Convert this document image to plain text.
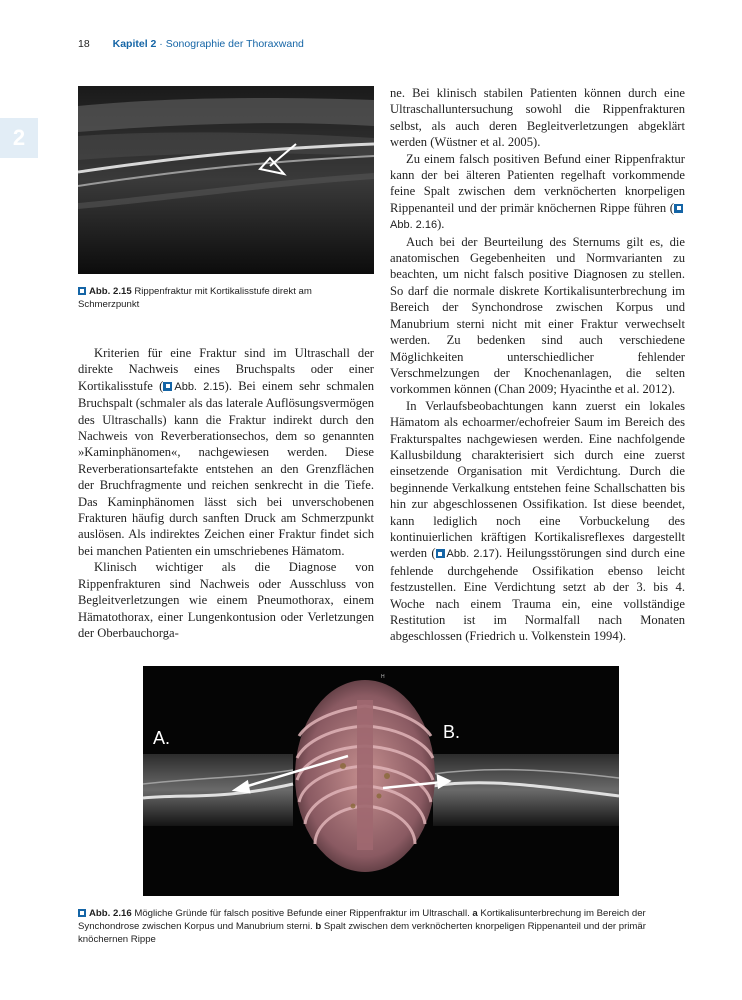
18 Kapitel 2 · Sonographie der Thoraxwand
2
Abb. 2.15 Rippenfraktur mit Kortikalisstufe direkt am Schmerzpunkt

Kriterien für eine Fraktur sind im Ultraschall der direkte Nachweis eines Bruchspalts oder einer Kortikalisstufe ( Abb. 2.15). Bei einem sehr schmalen Bruchspalt (schmaler als das laterale Auflösungsvermögen des Ultraschalls) kann die Fraktur indirekt durch den Nachweis von Reverberationsechos, dem so genannten »Kaminphänomen«, nachgewiesen werden. Diese Reverberationsartefakte entstehen an den Grenzflächen der Bruchfragmente und reichen senkrecht in die Tiefe. Das Kaminphänomen lässt sich bei unverschobenen Frakturen häufig durch sanften Druck am Schmerzpunkt auslösen. Als indirektes Zeichen einer Fraktur findet sich bei manchen Patienten ein umschriebenes Hämatom.

Klinisch wichtiger als die Diagnose von Rippenfrakturen sind Nachweis oder Ausschluss von Begleitverletzungen wie einem Pneumothorax, einem Hämatothorax, einer Lungenkontusion oder Verletzungen der Oberbauchorga-

ne. Bei klinisch stabilen Patienten können durch eine Ultraschalluntersuchung sowohl die Rippenfrakturen selbst, als auch deren Begleitverletzungen abgeklärt werden (Wüstner et al. 2005).

Zu einem falsch positiven Befund einer Rippenfraktur kann der bei älteren Patienten regelhaft vorkommende feine Spalt zwischen dem verknöcherten knorpeligen Rippenanteil und der primär knöchernen Rippe führen (Abb. 2.16).

Auch bei der Beurteilung des Sternums gilt es, die anatomischen Gegebenheiten und Normvarianten zu beachten, um nicht falsch positive Diagnosen zu stellen. So darf die normale diskrete Kortikalisunterbrechung im Bereich der Synchondrose zwischen Korpus und Manubrium sterni nicht mit einer Fraktur verwechselt werden. Zu bedenken sind auch verschiedene Möglichkeiten unterschiedlicher fehlender Verschmelzungen der Knochenanlagen, die selten vorkommen können (Chan 2009; Hyacinthe et al. 2012).

In Verlaufsbeobachtungen kann zuerst ein lokales Hämatom als echoarmer/echofreier Saum im Bereich des Frakturspaltes nachgewiesen werden. Eine nachfolgende Kallusbildung charakterisiert sich durch eine zuerst einsetzende Organisation mit Verdichtung. Durch die beginnende Verkalkung entstehen feine Schallschatten bis hin zur abgeschlossenen Ossifikation. Ist diese beendet, kann lediglich noch eine Vorbuckelung des kontinuierlichen kräftigen Kortikalisreflexes dargestellt werden ( Abb. 2.17). Heilungsstörungen sind durch eine fehlende durchgehende Ossifikation ebenso leicht festzustellen. Eine Verdichtung setzt ab der 3. bis 4. Woche nach einem Trauma ein, eine vollständige Restitution ist im Normalfall nach Monaten abgeschlossen (Friedrich u. Volkenstein 1994).

H
A.	B.
Abb. 2.16 Mögliche Gründe für falsch positive Befunde einer Rippenfraktur im Ultraschall. a Kortikalisunterbrechung im Bereich der Synchondrose zwischen Korpus und Manubrium sterni. b Spalt zwischen dem verknöcherten knorpeligen Rippenanteil und der primär knöchernen Rippe
